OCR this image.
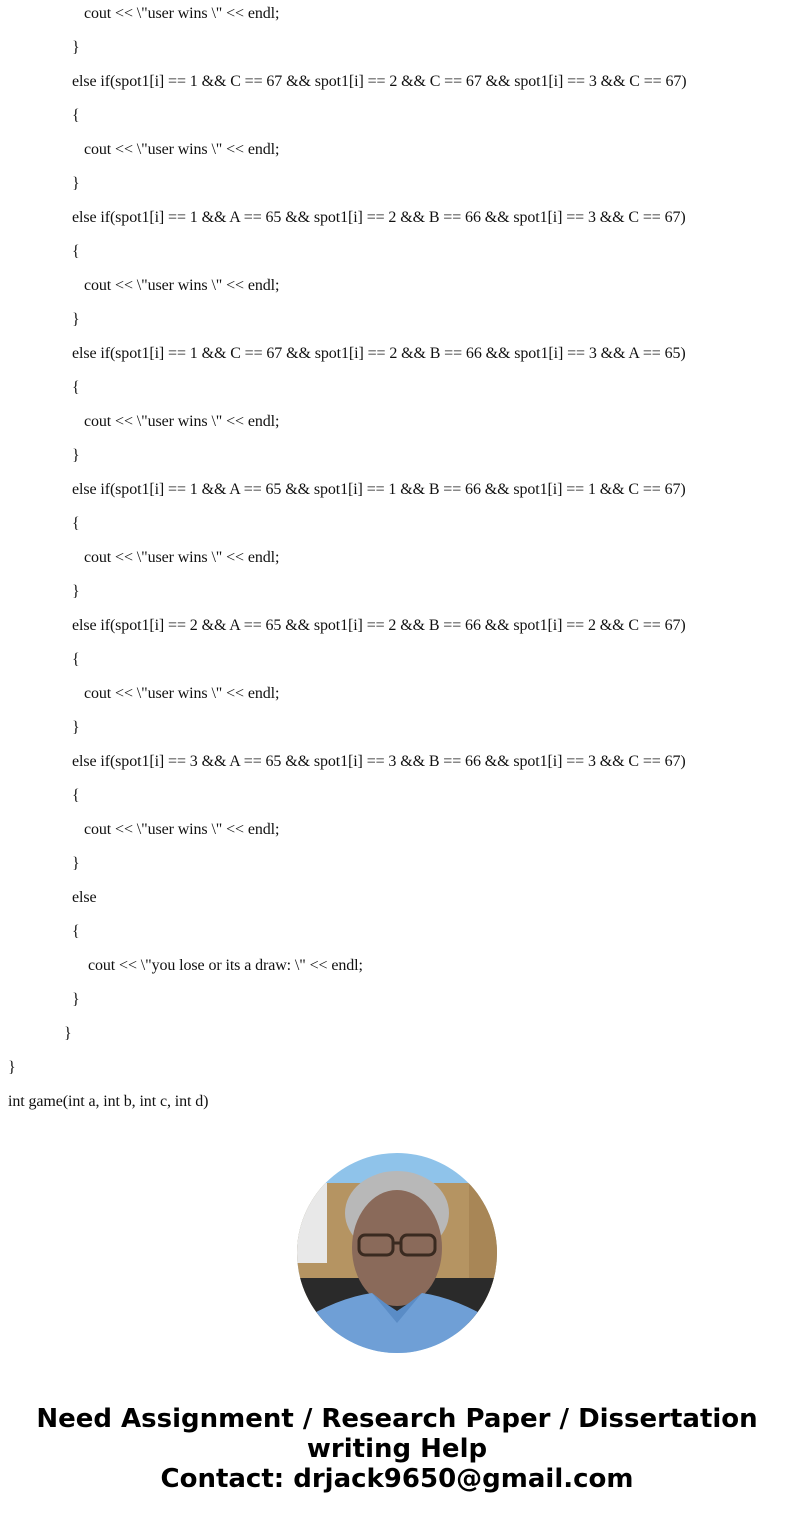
cout << \"user wins \" << endl;
}
else if(spot1[i] == 1 && C == 67 && spot1[i] == 2 && C == 67 && spot1[i] == 3 && C == 67)
{
cout << \"user wins \" << endl;
}
else if(spot1[i] == 1 && A == 65 && spot1[i] == 2 && B == 66 && spot1[i] == 3 && C == 67)
{
cout << \"user wins \" << endl;
}
else if(spot1[i] == 1 && C == 67 && spot1[i] == 2 && B == 66 && spot1[i] == 3 && A == 65)
{
cout << \"user wins \" << endl;
}
else if(spot1[i] == 1 && A == 65 && spot1[i] == 1 && B == 66 && spot1[i] == 1 && C == 67)
{
cout << \"user wins \" << endl;
}
else if(spot1[i] == 2 && A == 65 && spot1[i] == 2 && B == 66 && spot1[i] == 2 && C == 67)
{
cout << \"user wins \" << endl;
}
else if(spot1[i] == 3 && A == 65 && spot1[i] == 3 && B == 66 && spot1[i] == 3 && C == 67)
{
cout << \"user wins \" << endl;
}
else
{
cout << \"you lose or its a draw: \" << endl;
}
}
}
int game(int a, int b, int c, int d)
Need Assignment / Research Paper / Dissertation
writing Help
Contact: drjack9650@gmail.com
